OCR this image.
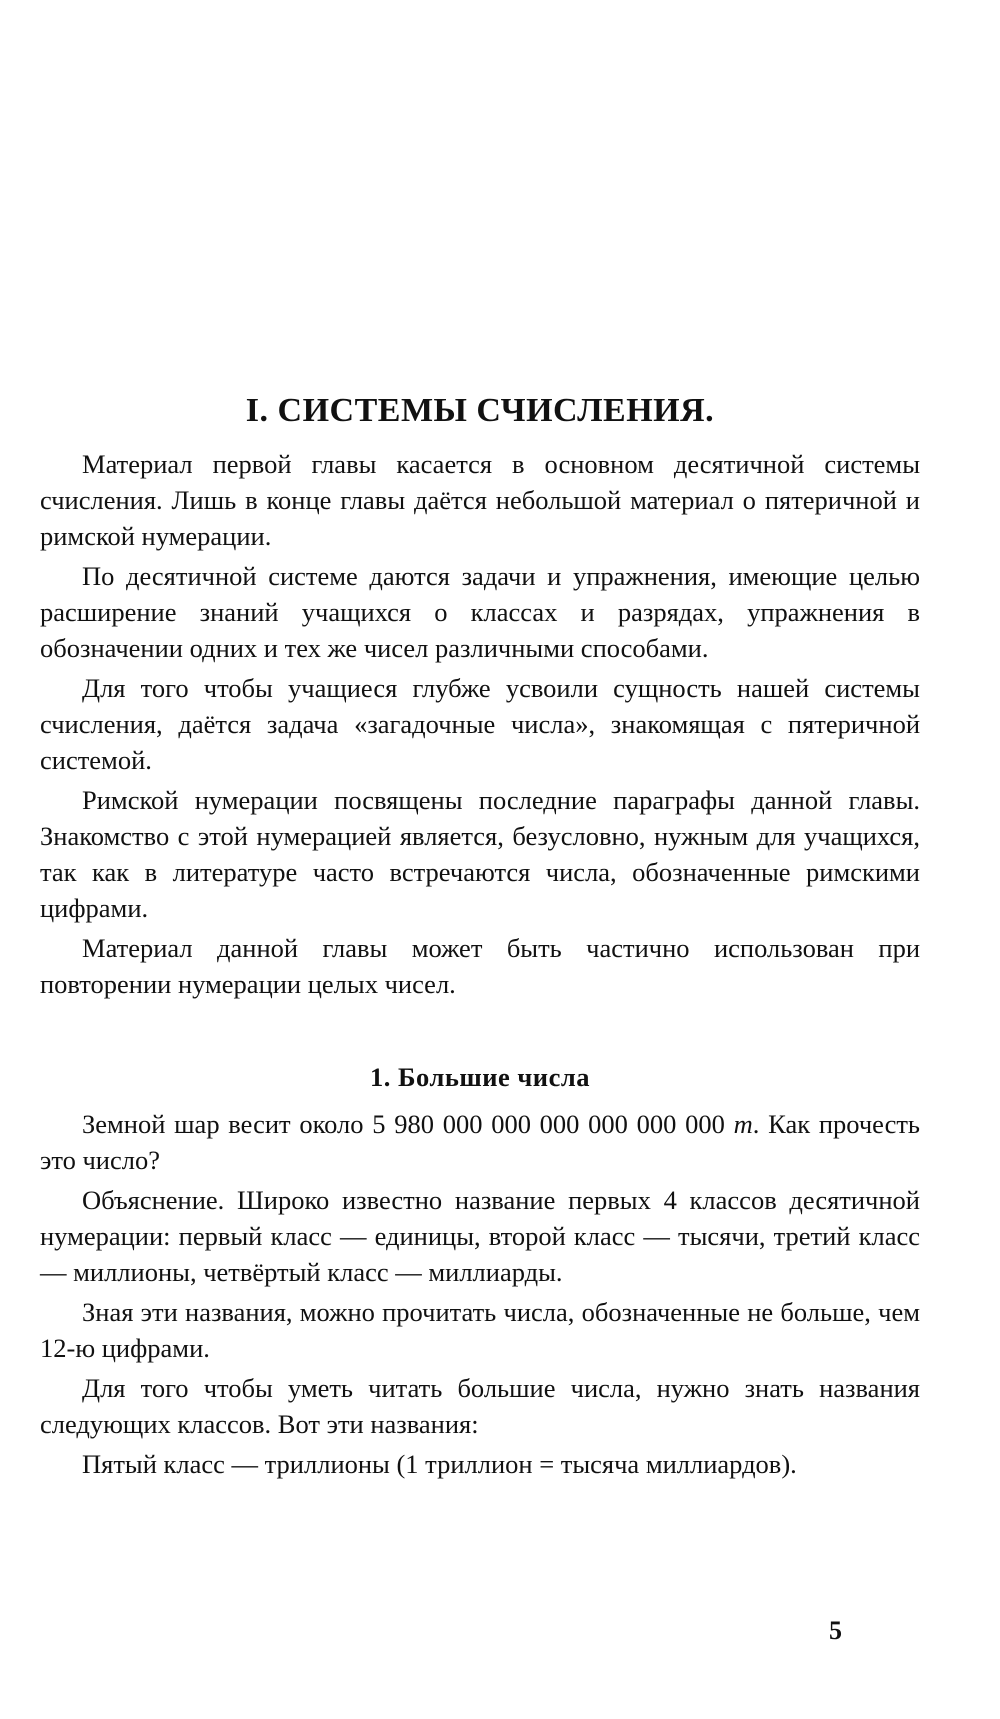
I. СИСТЕМЫ СЧИСЛЕНИЯ.

Материал первой главы касается в основном десятичной системы счисления. Лишь в конце главы даётся небольшой материал о пятеричной и римской нумерации.

По десятичной системе даются задачи и упражнения, имеющие целью расширение знаний учащихся о классах и разрядах, упражнения в обозначении одних и тех же чисел различными способами.

Для того чтобы учащиеся глубже усвоили сущность нашей системы счисления, даётся задача «загадочные числа», знакомящая с пятеричной системой.

Римской нумерации посвящены последние параграфы данной главы. Знакомство с этой нумерацией является, безусловно, нужным для учащихся, так как в литературе часто встречаются числа, обозначенные римскими цифрами.

Материал данной главы может быть частично использован при повторении нумерации целых чисел.

1. Большие числа

Земной шар весит около 5 980 000 000 000 000 000 000 т. Как прочесть это число?

Объяснение. Широко известно название первых 4 классов десятичной нумерации: первый класс — единицы, второй класс — тысячи, третий класс — миллионы, четвёртый класс — миллиарды.

Зная эти названия, можно прочитать числа, обозначенные не больше, чем 12-ю цифрами.

Для того чтобы уметь читать большие числа, нужно знать названия следующих классов. Вот эти названия:

Пятый класс — триллионы (1 триллион = тысяча миллиардов).

5
